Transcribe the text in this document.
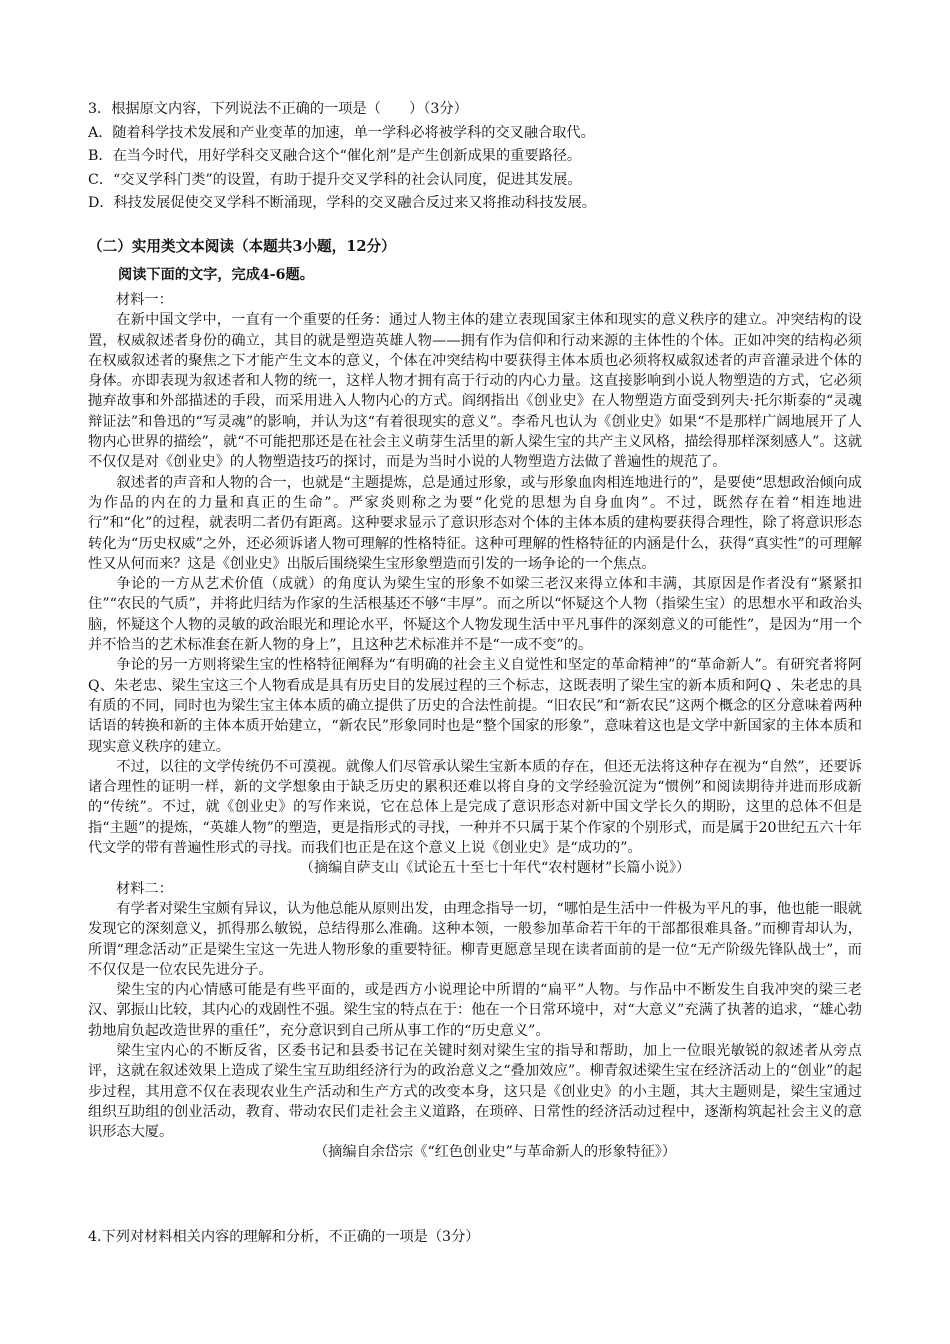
3．根据原文内容，下列说法不正确的一项是（　　）（3分）
A．随着科学技术发展和产业变革的加速，单一学科必将被学科的交叉融合取代。
B．在当今时代，用好学科交叉融合这个“催化剂”是产生创新成果的重要路径。
C．“交叉学科门类”的设置，有助于提升交叉学科的社会认同度，促进其发展。
D．科技发展促使交叉学科不断涌现，学科的交叉融合反过来又将推动科技发展。
（二）实用类文本阅读（本题共3小题，12分）
阅读下面的文字，完成4-6题。
材料一：

在新中国文学中，一直有一个重要的任务：通过人物主体的建立表现国家主体和现实的意义秩序的建立。冲突结构的设置，权威叙述者身份的确立，其目的就是塑造英雄人物——拥有作为信仰和行动来源的主体性的个体。正如冲突的结构必须在权威叙述者的聚焦之下才能产生文本的意义，个体在冲突结构中要获得主体本质也必须将权威叙述者的声音灌录进个体的身体。亦即表现为叙述者和人物的统一，这样人物才拥有高于行动的内心力量。这直接影响到小说人物塑造的方式，它必须抛弃故事和外部描述的手段，而采用进入人物内心的方式。阎纲指出《创业史》在人物塑造方面受到列夫·托尔斯泰的“灵魂辩证法”和鲁迅的“写灵魂”的影响，并认为这“有着很现实的意义”。李希凡也认为《创业史》如果“不是那样广阔地展开了人物内心世界的描绘”，就“不可能把那还是在社会主义萌芽生活里的新人梁生宝的共产主义风格，描绘得那样深刻感人”。这就不仅仅是对《创业史》的人物塑造技巧的探讨，而是为当时小说的人物塑造方法做了普遍性的规范了。

叙述者的声音和人物的合一，也就是“主题提炼，总是通过形象，或与形象血肉相连地进行的”，是要使“思想政治倾向成为作品的内在的力量和真正的生命”。严家炎则称之为要“化党的思想为自身血肉”。不过，既然存在着“相连地进行”和“化”的过程，就表明二者仍有距离。这种要求显示了意识形态对个体的主体本质的建构要获得合理性，除了将意识形态转化为“历史权威”之外，还必须诉诸人物可理解的性格特征。这种可理解的性格特征的内涵是什么，获得“真实性”的可理解性又从何而来？这是《创业史》出版后围绕梁生宝形象塑造而引发的一场争论的一个焦点。

争论的一方从艺术价值（成就）的角度认为梁生宝的形象不如梁三老汉来得立体和丰满，其原因是作者没有“紧紧扣住”“农民的气质”，并将此归结为作家的生活根基还不够“丰厚”。而之所以“怀疑这个人物（指梁生宝）的思想水平和政治头脑，怀疑这个人物的灵敏的政治眼光和理论水平，怀疑这个人物发现生活中平凡事件的深刻意义的可能性”，是因为“用一个并不恰当的艺术标准套在新人物的身上”，且这种艺术标准并不是“一成不变”的。

争论的另一方则将梁生宝的性格特征阐释为“有明确的社会主义自觉性和坚定的革命精神”的“革命新人”。有研究者将阿Q、朱老忠、梁生宝这三个人物看成是具有历史目的发展过程的三个标志，这既表明了梁生宝的新本质和阿Q 、朱老忠的具有质的不同，同时也为梁生宝主体本质的确立提供了历史的合法性前提。“旧农民”和“新农民”这两个概念的区分意味着两种话语的转换和新的主体本质开始建立，“新农民”形象同时也是“整个国家的形象”，意味着这也是文学中新国家的主体本质和现实意义秩序的建立。

不过，以往的文学传统仍不可漠视。就像人们尽管承认梁生宝新本质的存在，但还无法将这种存在视为“自然”，还要诉诸合理性的证明一样，新的文学想象由于缺乏历史的累积还难以将自身的文学经验沉淀为“惯例”和阅读期待并进而形成新的“传统”。不过，就《创业史》的写作来说，它在总体上是完成了意识形态对新中国文学长久的期盼，这里的总体不但是指“主题”的提炼，“英雄人物”的塑造，更是指形式的寻找，一种并不只属于某个作家的个别形式，而是属于20世纪五六十年代文学的带有普遍性形式的寻找。而我们也正是在这个意义上说《创业史》是“成功的”。

（摘编自萨支山《试论五十至七十年代“农村题材”长篇小说》）
材料二：

有学者对梁生宝颇有异议，认为他总能从原则出发，由理念指导一切，“哪怕是生活中一件极为平凡的事，他也能一眼就发现它的深刻意义，抓得那么敏锐，总结得那么准确。这种本领，一般参加革命若干年的干部都很难具备。”而柳青却认为，所谓“理念活动”正是梁生宝这一先进人物形象的重要特征。柳青更愿意呈现在读者面前的是一位“无产阶级先锋队战士”，而不仅仅是一位农民先进分子。

梁生宝的内心情感可能是有些平面的，或是西方小说理论中所谓的“扁平”人物。与作品中不断发生自我冲突的梁三老汉、郭振山比较，其内心的戏剧性不强。梁生宝的特点在于：他在一个日常环境中，对“大意义”充满了执著的追求，“雄心勃勃地肩负起改造世界的重任”，充分意识到自己所从事工作的“历史意义”。

梁生宝内心的不断反省，区委书记和县委书记在关键时刻对梁生宝的指导和帮助，加上一位眼光敏锐的叙述者从旁点评，这就在叙述效果上造成了梁生宝互助组经济行为的政治意义之“叠加效应”。柳青叙述梁生宝在经济活动上的“创业”的起步过程，其用意不仅在表现农业生产活动和生产方式的改变本身，这只是《创业史》的小主题，其大主题则是，梁生宝通过组织互助组的创业活动，教育、带动农民们走社会主义道路，在琐碎、日常性的经济活动过程中，逐渐构筑起社会主义的意识形态大厦。

（摘编自余岱宗《“红色创业史”与革命新人的形象特征》）
4.下列对材料相关内容的理解和分析，不正确的一项是（3分）
